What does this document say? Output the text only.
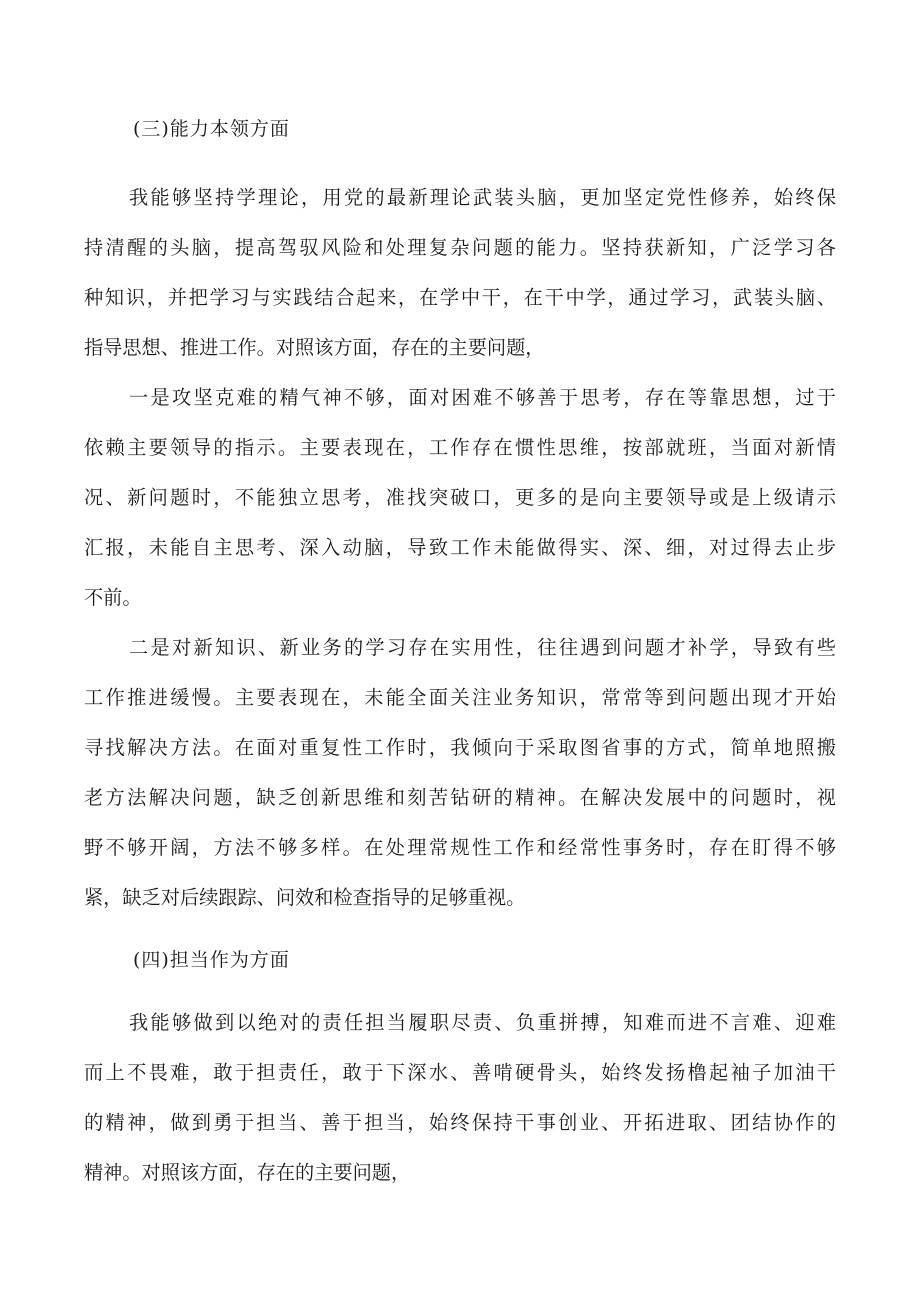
(三)能力本领方面
我能够坚持学理论，用党的最新理论武装头脑，更加坚定党性修养，始终保
持清醒的头脑，提高驾驭风险和处理复杂问题的能力。坚持获新知，广泛学习各
种知识，并把学习与实践结合起来，在学中干，在干中学，通过学习，武装头脑、
指导思想、推进工作。对照该方面，存在的主要问题，
一是攻坚克难的精气神不够，面对困难不够善于思考，存在等靠思想，过于
依赖主要领导的指示。主要表现在，工作存在惯性思维，按部就班，当面对新情
况、新问题时，不能独立思考，准找突破口，更多的是向主要领导或是上级请示
汇报，未能自主思考、深入动脑，导致工作未能做得实、深、细，对过得去止步
不前。
二是对新知识、新业务的学习存在实用性，往往遇到问题才补学，导致有些
工作推进缓慢。主要表现在，未能全面关注业务知识，常常等到问题出现才开始
寻找解决方法。在面对重复性工作时，我倾向于采取图省事的方式，简单地照搬
老方法解决问题，缺乏创新思维和刻苦钻研的精神。在解决发展中的问题时，视
野不够开阔，方法不够多样。在处理常规性工作和经常性事务时，存在盯得不够
紧，缺乏对后续跟踪、问效和检查指导的足够重视。
(四)担当作为方面
我能够做到以绝对的责任担当履职尽责、负重拼搏，知难而进不言难、迎难
而上不畏难，敢于担责任，敢于下深水、善啃硬骨头，始终发扬橹起袖子加油干
的精神，做到勇于担当、善于担当，始终保持干事创业、开拓进取、团结协作的
精神。对照该方面，存在的主要问题，
